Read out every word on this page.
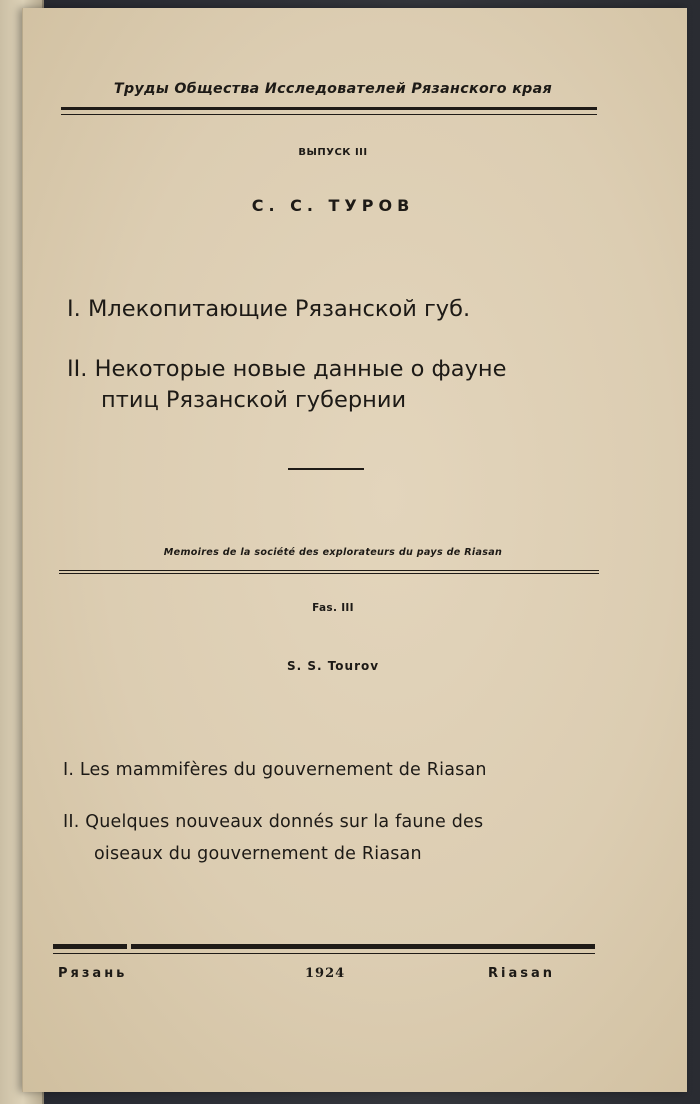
Труды Общества Исследователей Рязанского края
ВЫПУСК III
С. С. ТУРОВ
I. Млекопитающие Рязанской губ.
II. Некоторые новые данные о фауне
птиц Рязанской губернии
Memoires de la société des explorateurs du pays de Riasan
Fas. III
S. S. Tourov
I. Les mammifères du gouvernement de Riasan
II. Quelques nouveaux donnés sur la faune des
oiseaux du gouvernement de Riasan
Рязань	1924	Riasan
